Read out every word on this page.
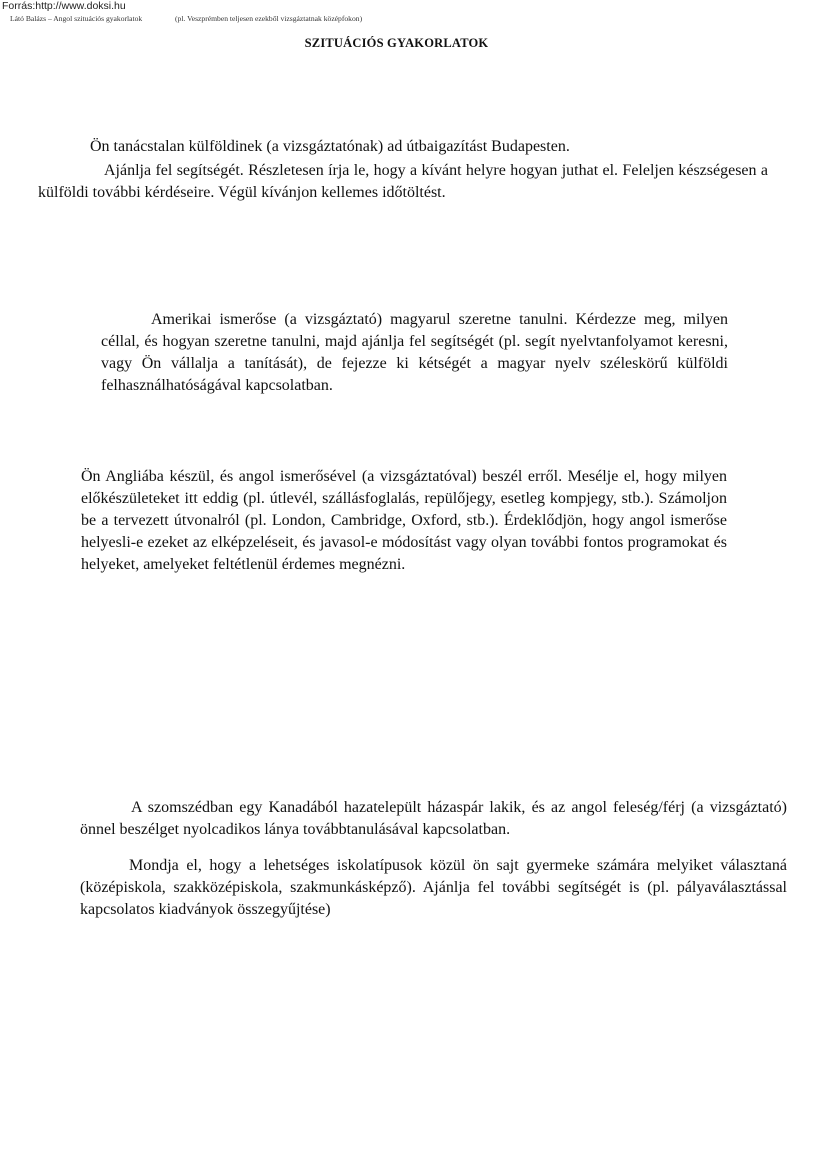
Forrás:http://www.doksi.hu
Látó Balázs – Angol szituációs gyakorlatok	(pl. Veszprémben teljesen ezekből vizsgáztatnak középfokon)
SZITUÁCIÓS GYAKORLATOK

Ön tanácstalan külföldinek (a vizsgáztatónak) ad útbaigazítást Budapesten.

Ajánlja fel segítségét. Részletesen írja le, hogy a kívánt helyre hogyan juthat el. Feleljen készségesen a külföldi további kérdéseire. Végül kívánjon kellemes időtöltést.

Amerikai ismerőse (a vizsgáztató) magyarul szeretne tanulni. Kérdezze meg, milyen céllal, és hogyan szeretne tanulni, majd ajánlja fel segítségét (pl. segít nyelvtanfolyamot keresni, vagy Ön vállalja a tanítását), de fejezze ki kétségét a magyar nyelv széleskörű külföldi felhasználhatóságával kapcsolatban.

Ön Angliába készül, és angol ismerősével (a vizsgáztatóval) beszél erről. Mesélje el, hogy milyen előkészületeket itt eddig (pl. útlevél, szállásfoglalás, repülőjegy, esetleg kompjegy, stb.). Számoljon be a tervezett útvonalról (pl. London, Cambridge, Oxford, stb.). Érdeklődjön, hogy angol ismerőse helyesli-e ezeket az elképzeléseit, és javasol-e módosítást vagy olyan további fontos programokat és helyeket, amelyeket feltétlenül érdemes megnézni.

A szomszédban egy Kanadából hazatelepült házaspár lakik, és az angol feleség/férj (a vizsgáztató) önnel beszélget nyolcadikos lánya továbbtanulásával kapcsolatban.

Mondja el, hogy a lehetséges iskolatípusok közül ön sajt gyermeke számára melyiket választaná (középiskola, szakközépiskola, szakmunkásképző). Ajánlja fel további segítségét is (pl. pályaválasztással kapcsolatos kiadványok összegyűjtése)
